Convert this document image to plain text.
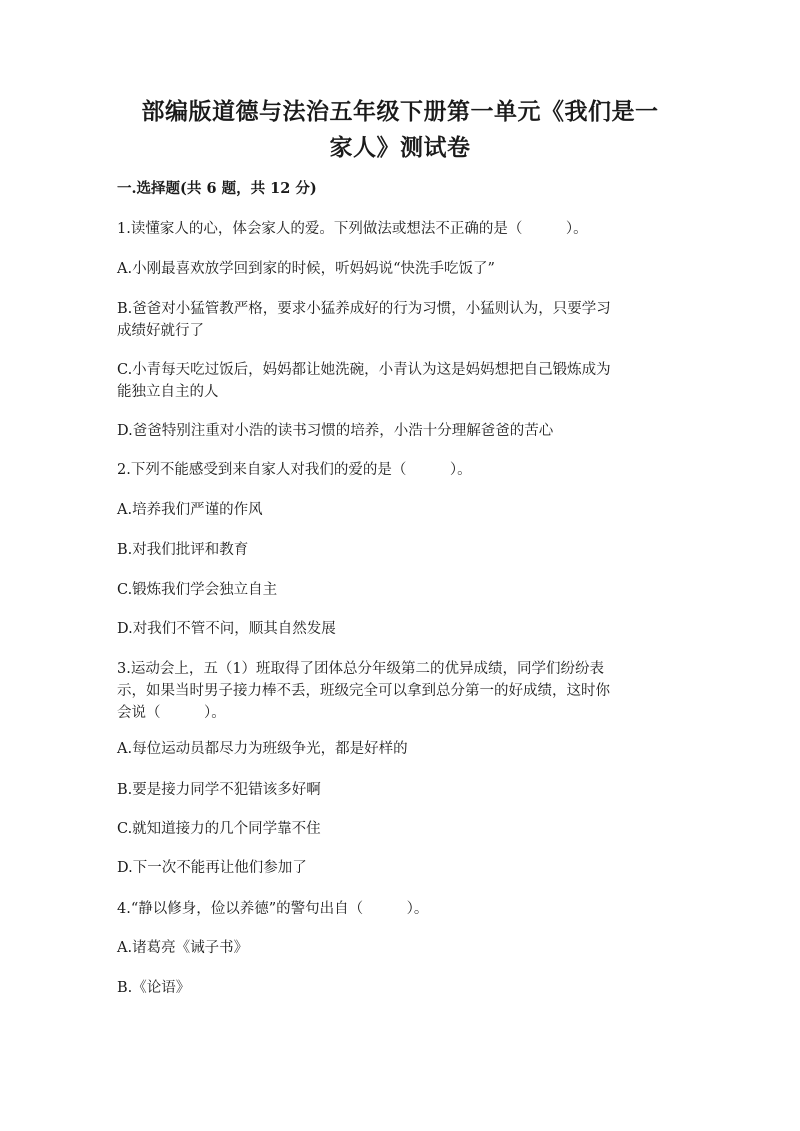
部编版道德与法治五年级下册第一单元《我们是一
家人》测试卷
一.选择题(共 6 题，共 12 分)
1.读懂家人的心，体会家人的爱。下列做法或想法不正确的是（　　　）。
A.小刚最喜欢放学回到家的时候，听妈妈说“快洗手吃饭了”
B.爸爸对小猛管教严格，要求小猛养成好的行为习惯，小猛则认为，只要学习
成绩好就行了
C.小青每天吃过饭后，妈妈都让她洗碗，小青认为这是妈妈想把自己锻炼成为
能独立自主的人
D.爸爸特别注重对小浩的读书习惯的培养，小浩十分理解爸爸的苦心
2.下列不能感受到来自家人对我们的爱的是（　　　）。
A.培养我们严谨的作风
B.对我们批评和教育
C.锻炼我们学会独立自主
D.对我们不管不问，顺其自然发展
3.运动会上，五（1）班取得了团体总分年级第二的优异成绩，同学们纷纷表
示，如果当时男子接力棒不丢，班级完全可以拿到总分第一的好成绩，这时你
会说（　　　）。
A.每位运动员都尽力为班级争光，都是好样的
B.要是接力同学不犯错该多好啊
C.就知道接力的几个同学靠不住
D.下一次不能再让他们参加了
4.“静以修身，俭以养德”的警句出自（　　　）。
A.诸葛亮《诫子书》
B.《论语》
